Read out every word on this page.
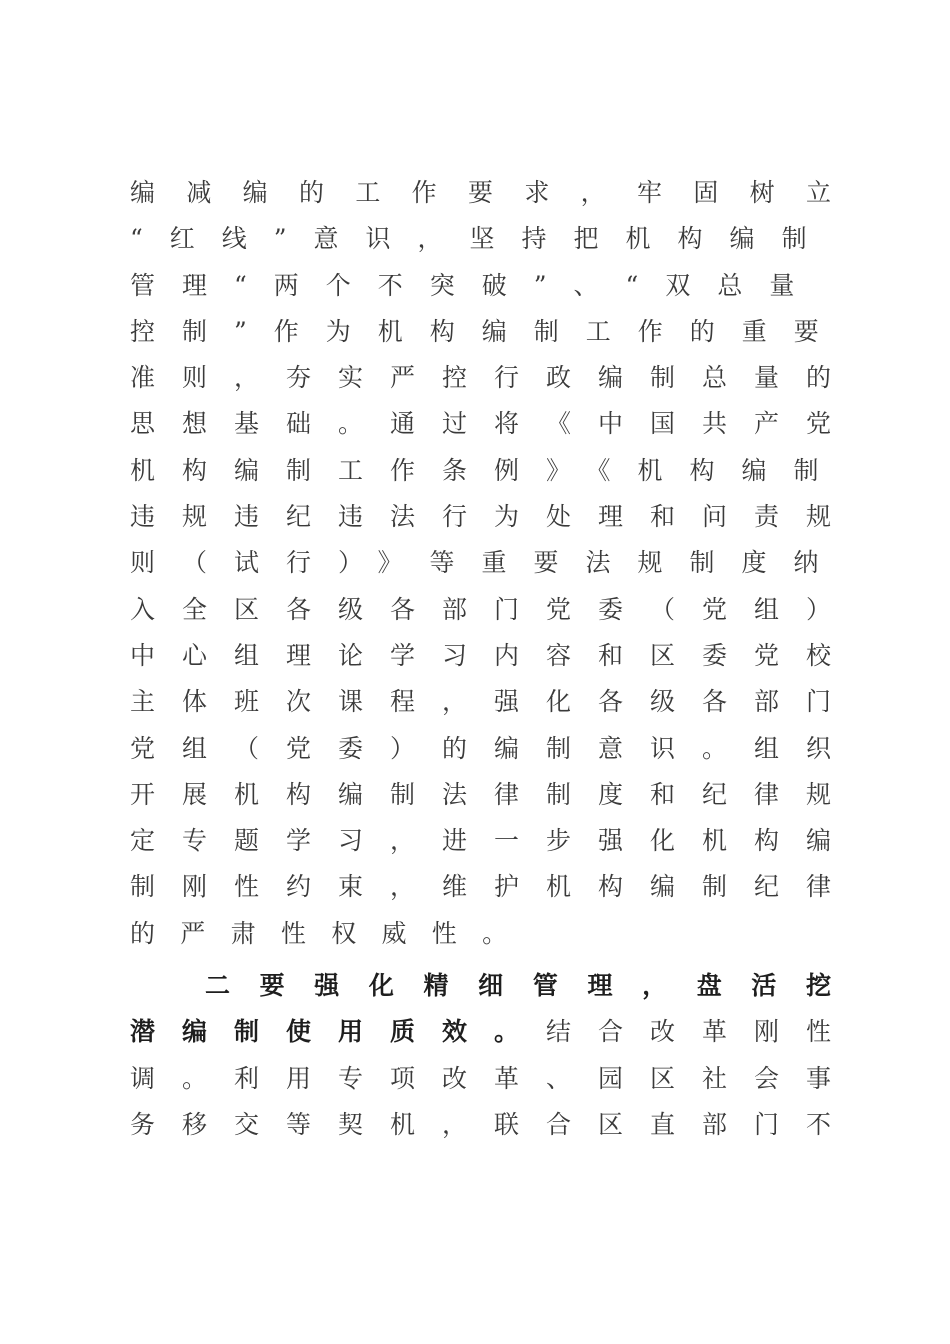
编减编的工作要求，牢固树立
“红线”意识，坚持把机构编制
管理“两个不突破”、“双总量
控制”作为机构编制工作的重要
准则，夯实严控行政编制总量的
思想基础。通过将《中国共产党
机构编制工作条例》《机构编制
违规违纪违法行为处理和问责规
则（试行）》等重要法规制度纳
入全区各级各部门党委（党组）
中心组理论学习内容和区委党校
主体班次课程，强化各级各部门
党组（党委）的编制意识。组织
开展机构编制法律制度和纪律规
定专题学习，进一步强化机构编
制刚性约束，维护机构编制纪律
的严肃性权威性。
二要强化精细管理，盘活挖
潜编制使用质效。结合改革刚性
调。利用专项改革、园区社会事
务移交等契机，联合区直部门不
